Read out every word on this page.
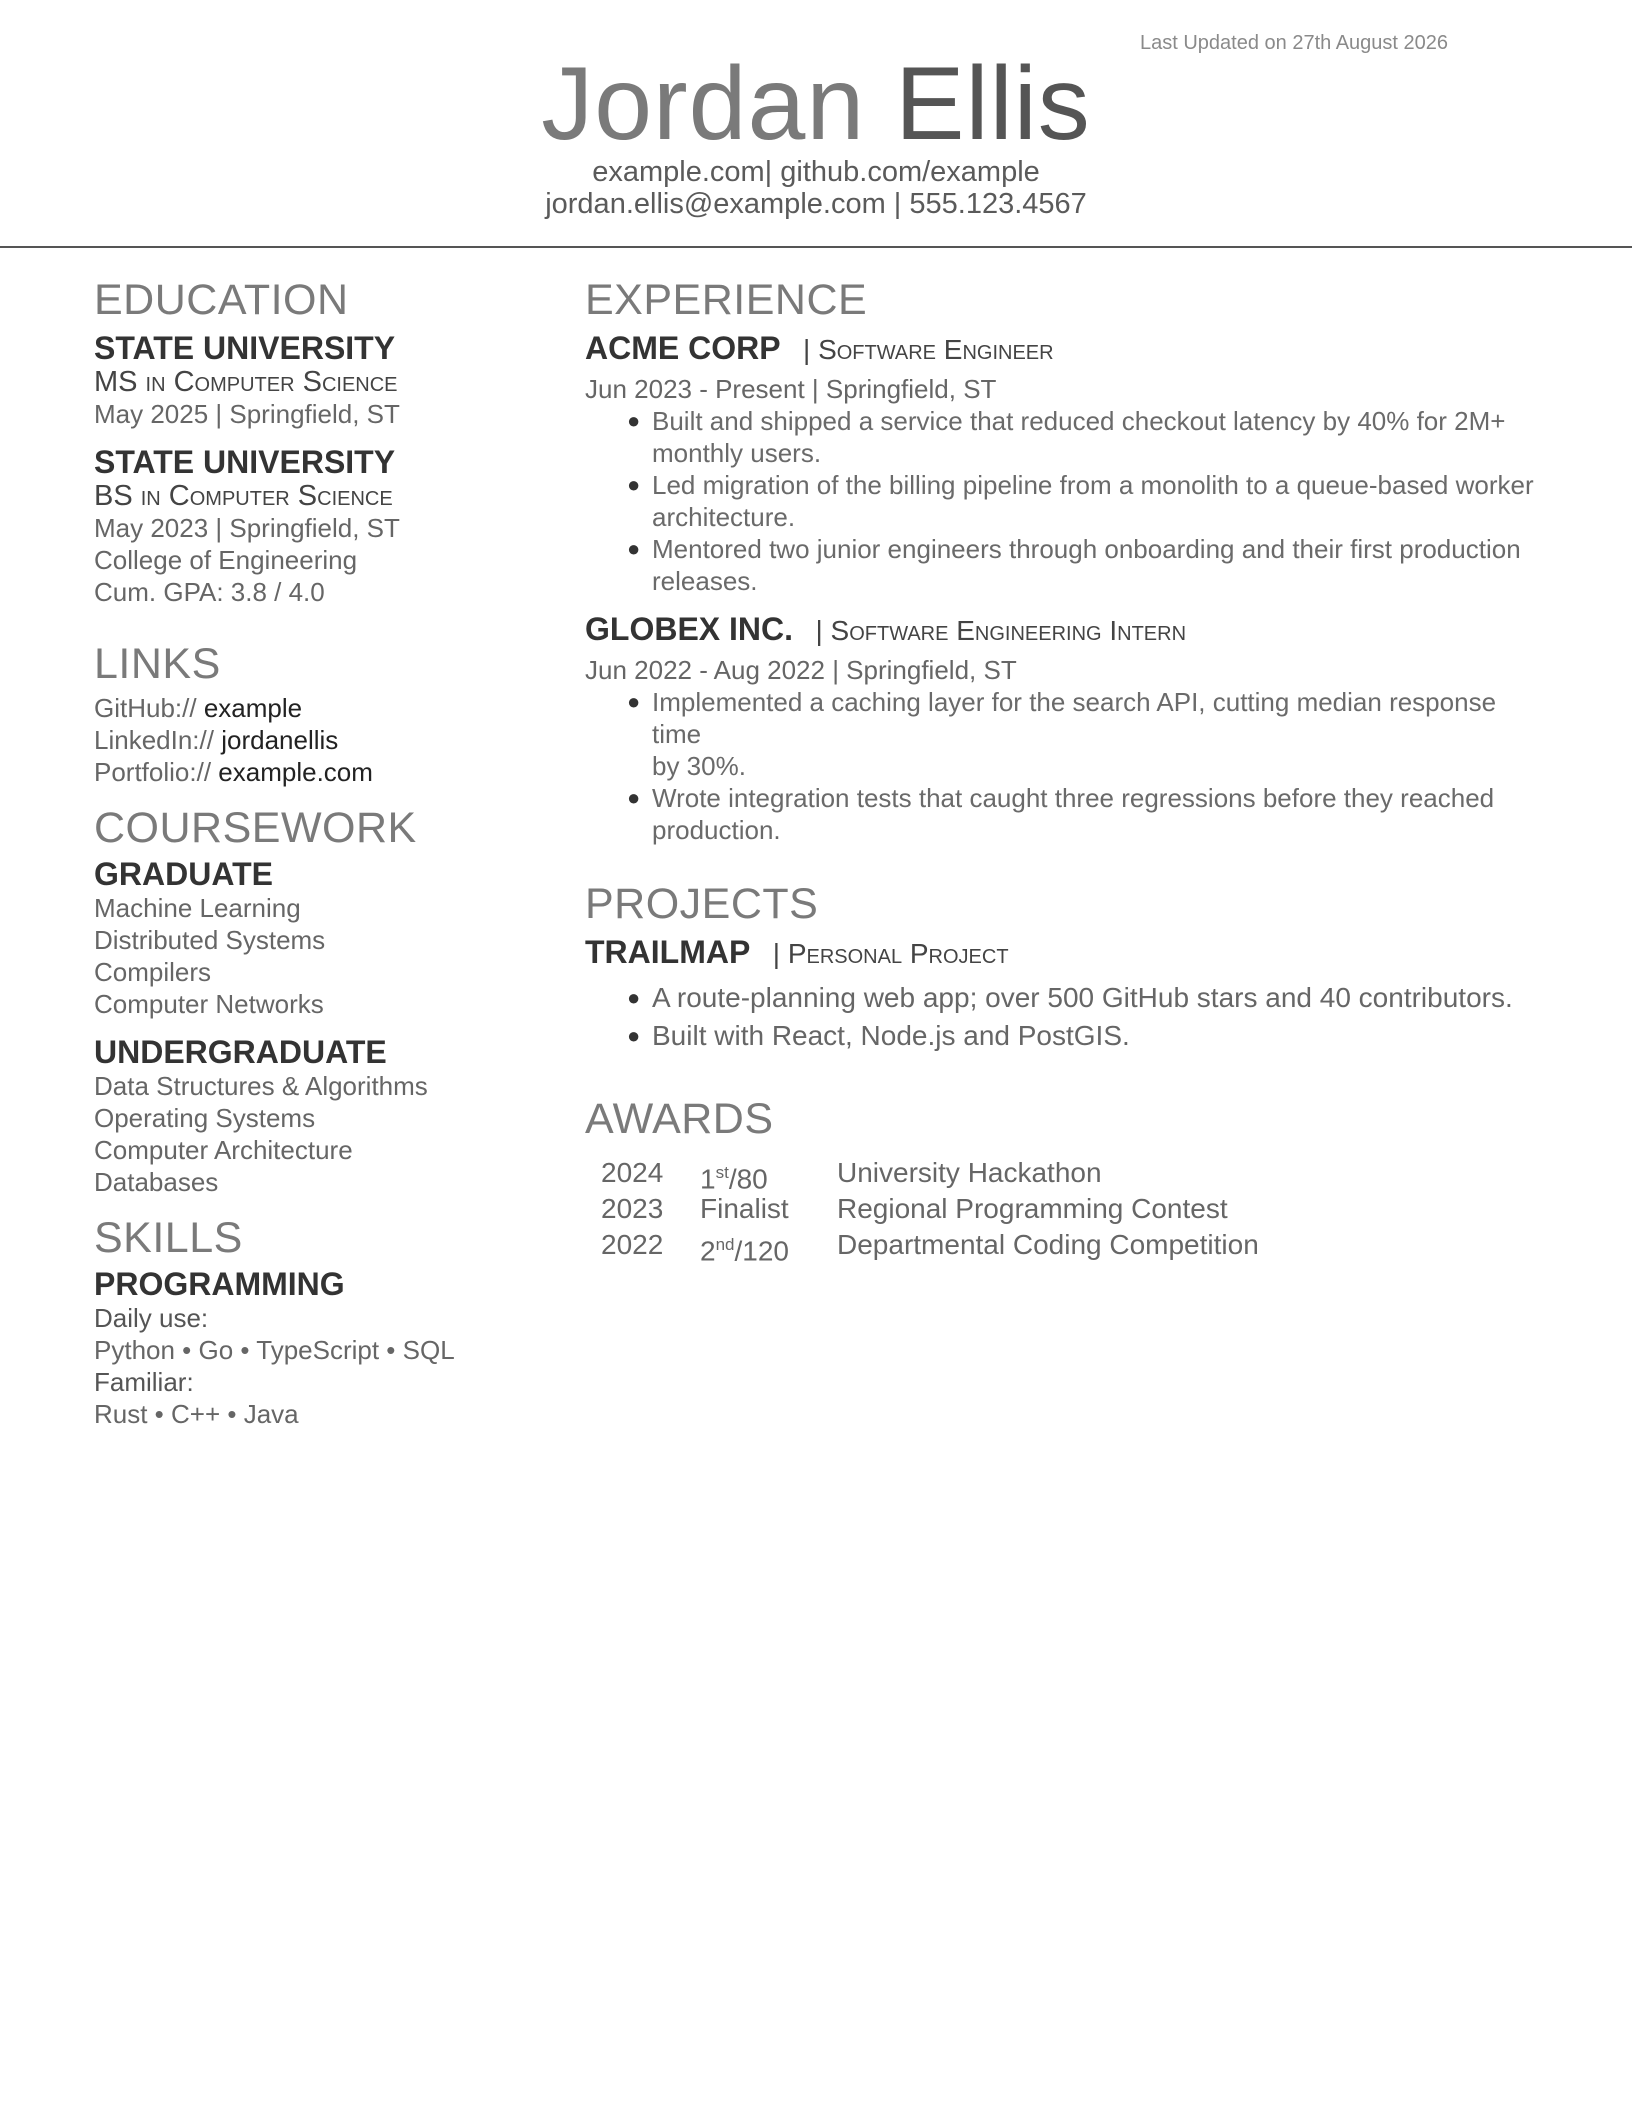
Last Updated on 27th August 2026
Jordan Ellis
example.com| github.com/example
jordan.ellis@example.com | 555.123.4567
EDUCATION
STATE UNIVERSITY
MS in Computer Science
May 2025 | Springfield, ST
STATE UNIVERSITY
BS in Computer Science
May 2023 | Springfield, ST
College of Engineering
Cum. GPA: 3.8 / 4.0
LINKS
GitHub:// example
LinkedIn:// jordanellis
Portfolio:// example.com
COURSEWORK
GRADUATE
Machine Learning
Distributed Systems
Compilers
Computer Networks
UNDERGRADUATE
Data Structures & Algorithms
Operating Systems
Computer Architecture
Databases
SKILLS
PROGRAMMING
Daily use:
Python • Go • TypeScript • SQL
Familiar:
Rust • C++ • Java
EXPERIENCE
ACME CORP | Software Engineer
Jun 2023 - Present | Springfield, ST
● Built and shipped a service that reduced checkout latency by 40% for 2M+
monthly users.
● Led migration of the billing pipeline from a monolith to a queue-based worker
architecture.
● Mentored two junior engineers through onboarding and their first production
releases.
GLOBEX INC. | Software Engineering Intern
Jun 2022 - Aug 2022 | Springfield, ST
● Implemented a caching layer for the search API, cutting median response time
by 30%.
● Wrote integration tests that caught three regressions before they reached
production.
PROJECTS
TRAILMAP | Personal Project
● A route-planning web app; over 500 GitHub stars and 40 contributors.
● Built with React, Node.js and PostGIS.
AWARDS
2024 1st/80 University Hackathon
2023 Finalist Regional Programming Contest
2022 2nd/120 Departmental Coding Competition
